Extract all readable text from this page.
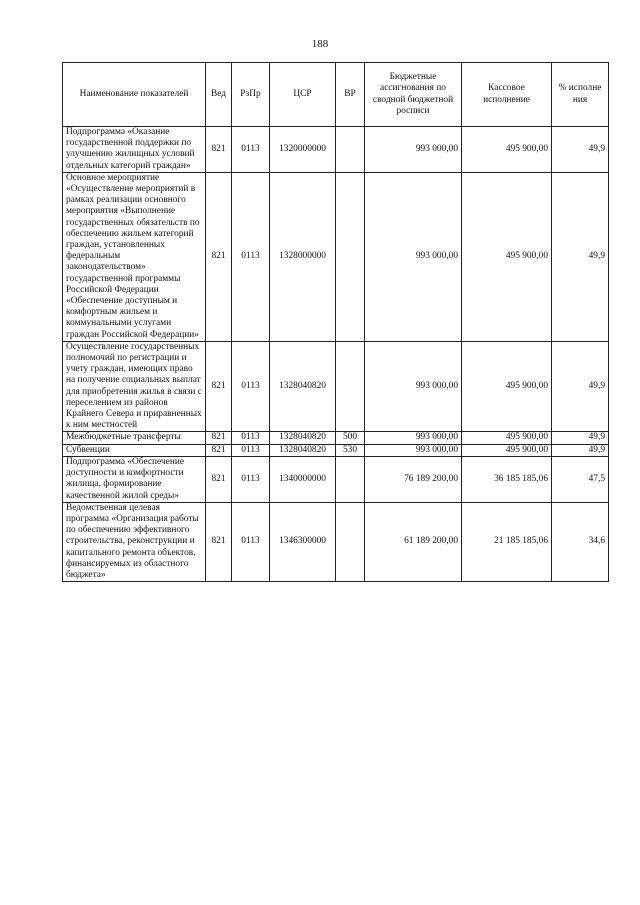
188
Наименование показателей	Вед	РзПр	ЦСР	ВР	Бюджетные ассигнования по сводной бюджетной росписи	Кассовое исполнение	% исполне ния
Подпрограмма «Оказание государственной поддержки по улучшению жилищных условий отдельных категорий граждан»	821	0113	1320000000		993 000,00	495 900,00	49,9
Основное мероприятие «Осуществление мероприятий в рамках реализации основного мероприятия «Выполнение государственных обязательств по обеспечению жильем категорий граждан, установленных федеральным законодательством» государственной программы Российской Федерации «Обеспечение доступным и комфортным жильем и коммунальными услугами граждан Российской Федерации»	821	0113	1328000000		993 000,00	495 900,00	49,9
Осуществление государственных полномочий по регистрации и учету граждан, имеющих право на получение социальных выплат для приобретения жилья в связи с переселением из районов Крайнего Севера и приравненных к ним местностей	821	0113	1328040820		993 000,00	495 900,00	49,9
Межбюджетные трансферты	821	0113	1328040820	500	993 000,00	495 900,00	49,9
Субвенции	821	0113	1328040820	530	993 000,00	495 900,00	49,9
Подпрограмма «Обеспечение доступности и комфортности жилища, формирование качественной жилой среды»	821	0113	1340000000		76 189 200,00	36 185 185,06	47,5
Ведомственная целевая программа «Организация работы по обеспечению эффективного строительства, реконструкции и капитального ремонта объектов, финансируемых из областного бюджета»	821	0113	1346300000		61 189 200,00	21 185 185,06	34,6
